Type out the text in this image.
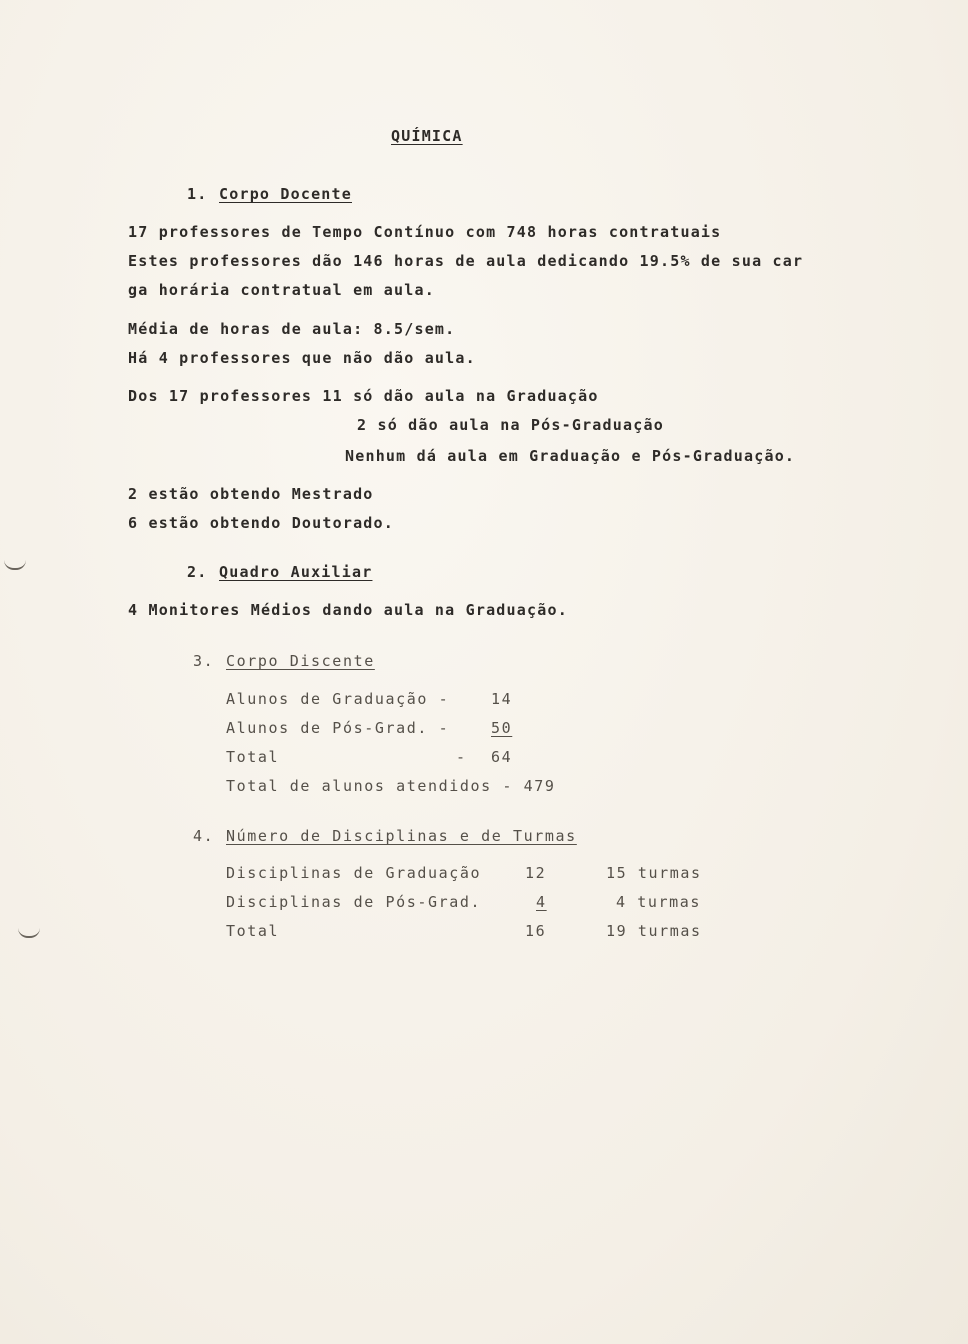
QUÍMICA
1. Corpo Docente
17 professores de Tempo Contínuo com 748 horas contratuais
Estes professores dão 146 horas de aula dedicando 19.5% de sua car
ga horária contratual em aula.
Média de horas de aula: 8.5/sem.
Há 4 professores que não dão aula.
Dos 17 professores 11 só dão aula na Graduação
2 só dão aula na Pós-Graduação
Nenhum dá aula em Graduação e Pós-Graduação.
2 estão obtendo Mestrado
6 estão obtendo Doutorado.
2. Quadro Auxiliar
4 Monitores Médios dando aula na Graduação.
3. Corpo Discente
Alunos de Graduação -	14
Alunos de Pós-Grad. -	50
Total	- 64
Total de alunos atendidos - 479
4. Número de Disciplinas e de Turmas
Disciplinas de Graduação	12	15 turmas
Disciplinas de Pós-Grad.	4	4 turmas
Total	16	19 turmas
